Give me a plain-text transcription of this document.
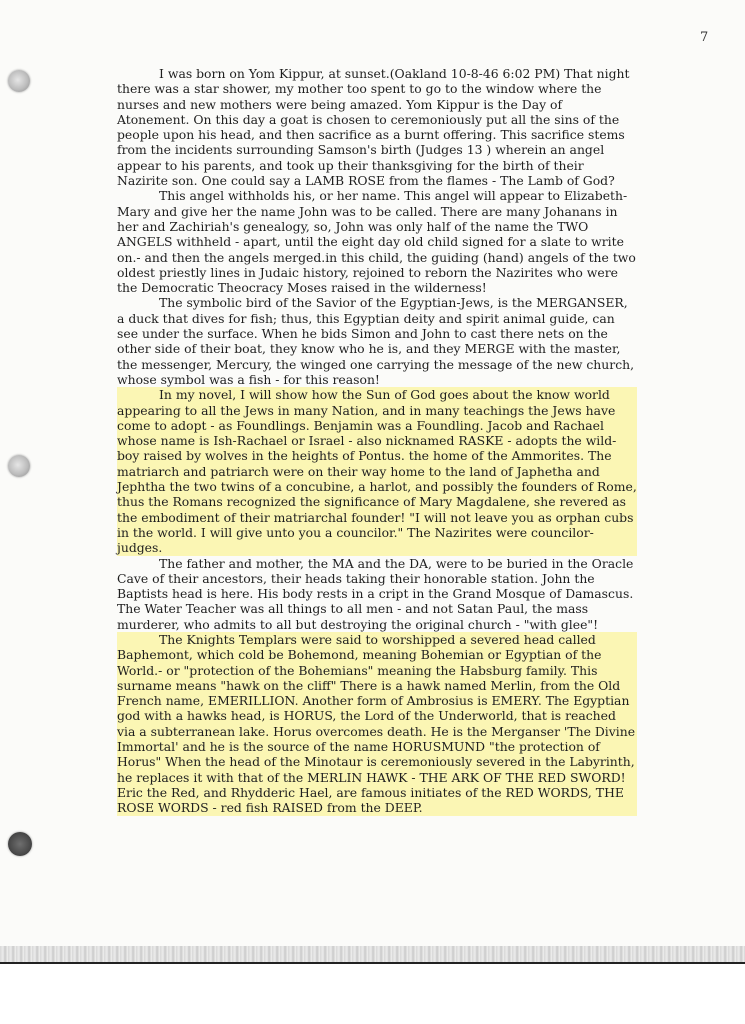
7

I was born on Yom Kippur, at sunset.(Oakland 10-8-46 6:02 PM) That night there was a star shower, my mother too spent to go to the window where the nurses and new mothers were being amazed. Yom Kippur is the Day of Atonement. On this day a goat is chosen to ceremoniously put all the sins of the people upon his head, and then sacrifice as a burnt offering. This sacrifice stems from the incidents surrounding Samson's birth (Judges 13 ) wherein an angel appear to his parents, and took up their thanksgiving for the birth of their Nazirite son. One could say a LAMB ROSE from the flames - The Lamb of God?

This angel withholds his, or her name. This angel will appear to Elizabeth-Mary and give her the name John was to be called. There are many Johanans in her and Zachiriah's genealogy, so, John was only half of the name the TWO ANGELS withheld - apart, until the eight day old child signed for a slate to write on.- and then the angels merged.in this child, the guiding (hand) angels of the two oldest priestly lines in Judaic history, rejoined to reborn the Nazirites who were the Democratic Theocracy Moses raised in the wilderness!

The symbolic bird of the Savior of the Egyptian-Jews, is the MERGANSER, a duck that dives for fish; thus, this Egyptian deity and spirit animal guide, can see under the surface. When he bids Simon and John to cast there nets on the other side of their boat, they know who he is, and they MERGE with the master, the messenger, Mercury, the winged one carrying the message of the new church, whose symbol was a fish - for this reason!

In my novel, I will show how the Sun of God goes about the know world appearing to all the Jews in many Nation, and in many teachings the Jews have come to adopt - as Foundlings. Benjamin was a Foundling. Jacob and Rachael whose name is Ish-Rachael or Israel - also nicknamed RASKE - adopts the wild- boy raised by wolves in the heights of Pontus. the home of the Ammorites. The matriarch and patriarch were on their way home to the land of Japhetha and Jephtha the two twins of a concubine, a harlot, and possibly the founders of Rome, thus the Romans recognized the significance of Mary Magdalene, she revered as the embodiment of their matriarchal founder! "I will not leave you as orphan cubs in the world. I will give unto you a councilor." The Nazirites were councilor-judges.

The father and mother, the MA and the DA, were to be buried in the Oracle Cave of their ancestors, their heads taking their honorable station. John the Baptists head is here. His body rests in a cript in the Grand Mosque of Damascus. The Water Teacher was all things to all men - and not Satan Paul, the mass murderer, who admits to all but destroying the original church - "with glee"!

The Knights Templars were said to worshipped a severed head called Baphemont, which cold be Bohemond, meaning Bohemian or Egyptian of the World.- or "protection of the Bohemians" meaning the Habsburg family. This surname means "hawk on the cliff" There is a hawk named Merlin, from the Old French name, EMERILLION. Another form of Ambrosius is EMERY. The Egyptian god with a hawks head, is HORUS, the Lord of the Underworld, that is reached via a subterranean lake. Horus overcomes death. He is the Merganser 'The Divine Immortal' and he is the source of the name HORUSMUND "the protection of Horus" When the head of the Minotaur is ceremoniously severed in the Labyrinth, he replaces it with that of the MERLIN HAWK - THE ARK OF THE RED SWORD! Eric the Red, and Rhydderic Hael, are famous initiates of the RED WORDS, THE ROSE WORDS - red fish RAISED from the DEEP.
